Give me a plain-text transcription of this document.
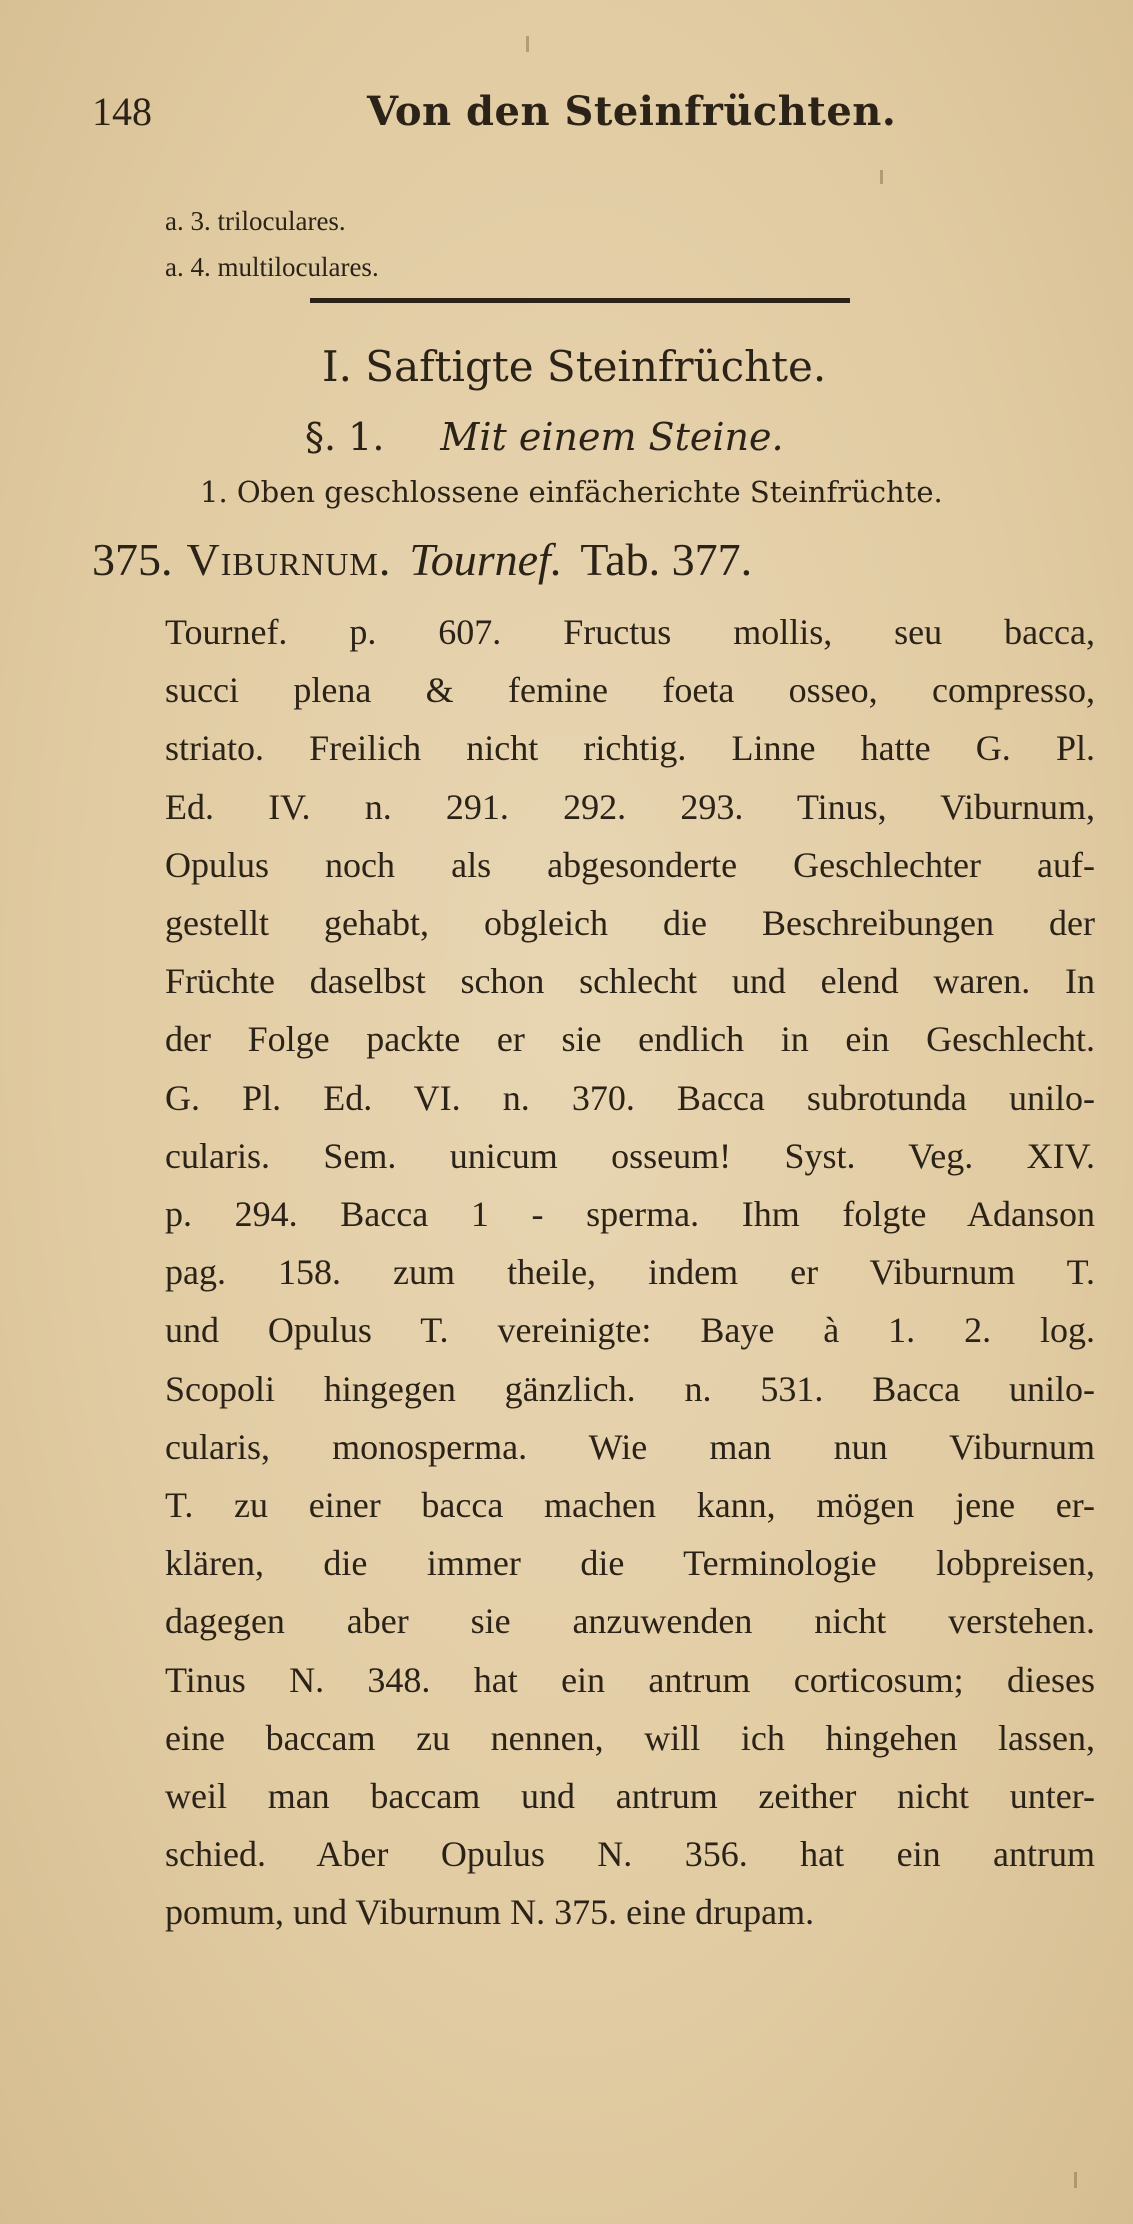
148	Von den Steinfrüchten.
a. 3. triloculares.
a. 4. multiloculares.
I. Saftigte Steinfrüchte.
§. 1. Mit einem Steine.
1. Oben geschlossene einfächerichte Steinfrüchte.
375. Viburnum. Tournef. Tab. 377.
Tournef. p. 607. Fructus mollis, seu bacca,
succi plena & femine foeta osseo, compresso,
striato. Freilich nicht richtig. Linne hatte G. Pl.
Ed. IV. n. 291. 292. 293. Tinus, Viburnum,
Opulus noch als abgesonderte Geschlechter auf-
gestellt gehabt, obgleich die Beschreibungen der
Früchte daselbst schon schlecht und elend waren. In
der Folge packte er sie endlich in ein Geschlecht.
G. Pl. Ed. VI. n. 370. Bacca subrotunda unilo-
cularis. Sem. unicum osseum! Syst. Veg. XIV.
p. 294. Bacca 1 - sperma. Ihm folgte Adanson
pag. 158. zum theile, indem er Viburnum T.
und Opulus T. vereinigte: Baye à 1. 2. log.
Scopoli hingegen gänzlich. n. 531. Bacca unilo-
cularis, monosperma. Wie man nun Viburnum
T. zu einer bacca machen kann, mögen jene er-
klären, die immer die Terminologie lobpreisen,
dagegen aber sie anzuwenden nicht verstehen.
Tinus N. 348. hat ein antrum corticosum; dieses
eine baccam zu nennen, will ich hingehen lassen,
weil man baccam und antrum zeither nicht unter-
schied. Aber Opulus N. 356. hat ein antrum
pomum, und Viburnum N. 375. eine drupam.
